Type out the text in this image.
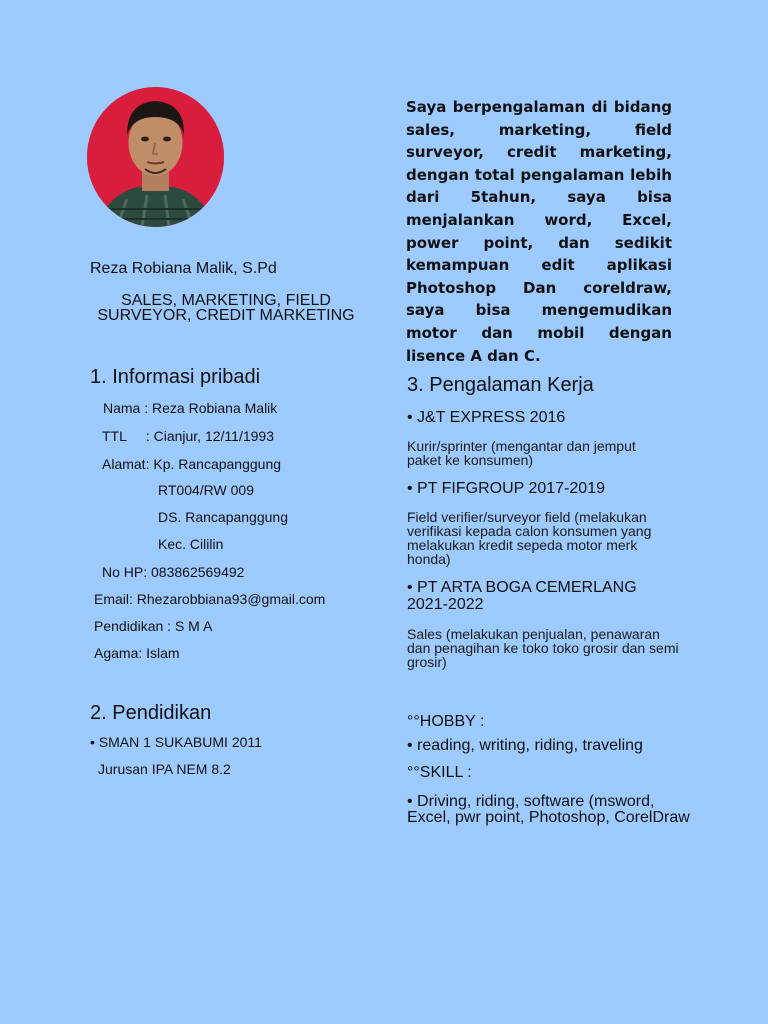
Reza Robiana Malik, S.Pd
SALES, MARKETING, FIELD
SURVEYOR, CREDIT MARKETING
Saya berpengalaman di bidang sales, marketing, field surveyor, credit marketing, dengan total pengalaman lebih dari 5tahun, saya bisa menjalankan word, Excel, power point, dan sedikit kemampuan edit aplikasi Photoshop Dan coreldraw, saya bisa mengemudikan motor dan mobil dengan lisence A dan C.
1. Informasi pribadi
Nama : Reza Robiana Malik
TTL     : Cianjur, 12/11/1993
Alamat: Kp. Rancapanggung
RT004/RW 009
DS. Rancapanggung
Kec. Cililin
No HP: 083862569492
Email: Rhezarobbiana93@gmail.com
Pendidikan : S M A
Agama: Islam
2. Pendidikan
• SMAN 1 SUKABUMI 2011
Jurusan IPA NEM 8.2
3. Pengalaman Kerja
• J&T EXPRESS 2016
Kurir/sprinter (mengantar dan jemput paket ke konsumen)
• PT FIFGROUP 2017-2019
Field verifier/surveyor field (melakukan verifikasi kepada calon konsumen yang melakukan kredit sepeda motor merk honda)
• PT ARTA BOGA CEMERLANG 2021-2022
Sales (melakukan penjualan, penawaran dan penagihan ke toko toko grosir dan semi grosir)
°°HOBBY :
• reading, writing, riding, traveling
°°SKILL :
• Driving, riding, software (msword, Excel, pwr point, Photoshop, CorelDraw
